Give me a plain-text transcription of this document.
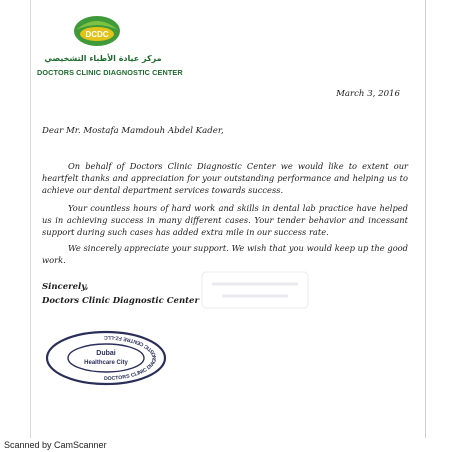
DCDC
مركز عيادة الأطباء التشخيصي
DOCTORS CLINIC DIAGNOSTIC CENTER
March 3, 2016
Dear Mr. Mostafa Mamdouh Abdel Kader,

On behalf of Doctors Clinic Diagnostic Center we would like to extent our heartfelt thanks and appreciation for your outstanding performance and helping us to achieve our dental department services towards success.

Your countless hours of hard work and skills in dental lab practice have helped us in achieving success in many different cases. Your tender behavior and incessant support during such cases has added extra mile in our success rate.

We sincerely appreciate your support. We wish that you would keep up the good work.

Sincerely,
Doctors Clinic Diagnostic Center
DOCTORS CLINIC DIAGNOSTIC CENTRE FZ-LLC
Dubai
Healthcare City
Scanned by CamScanner
